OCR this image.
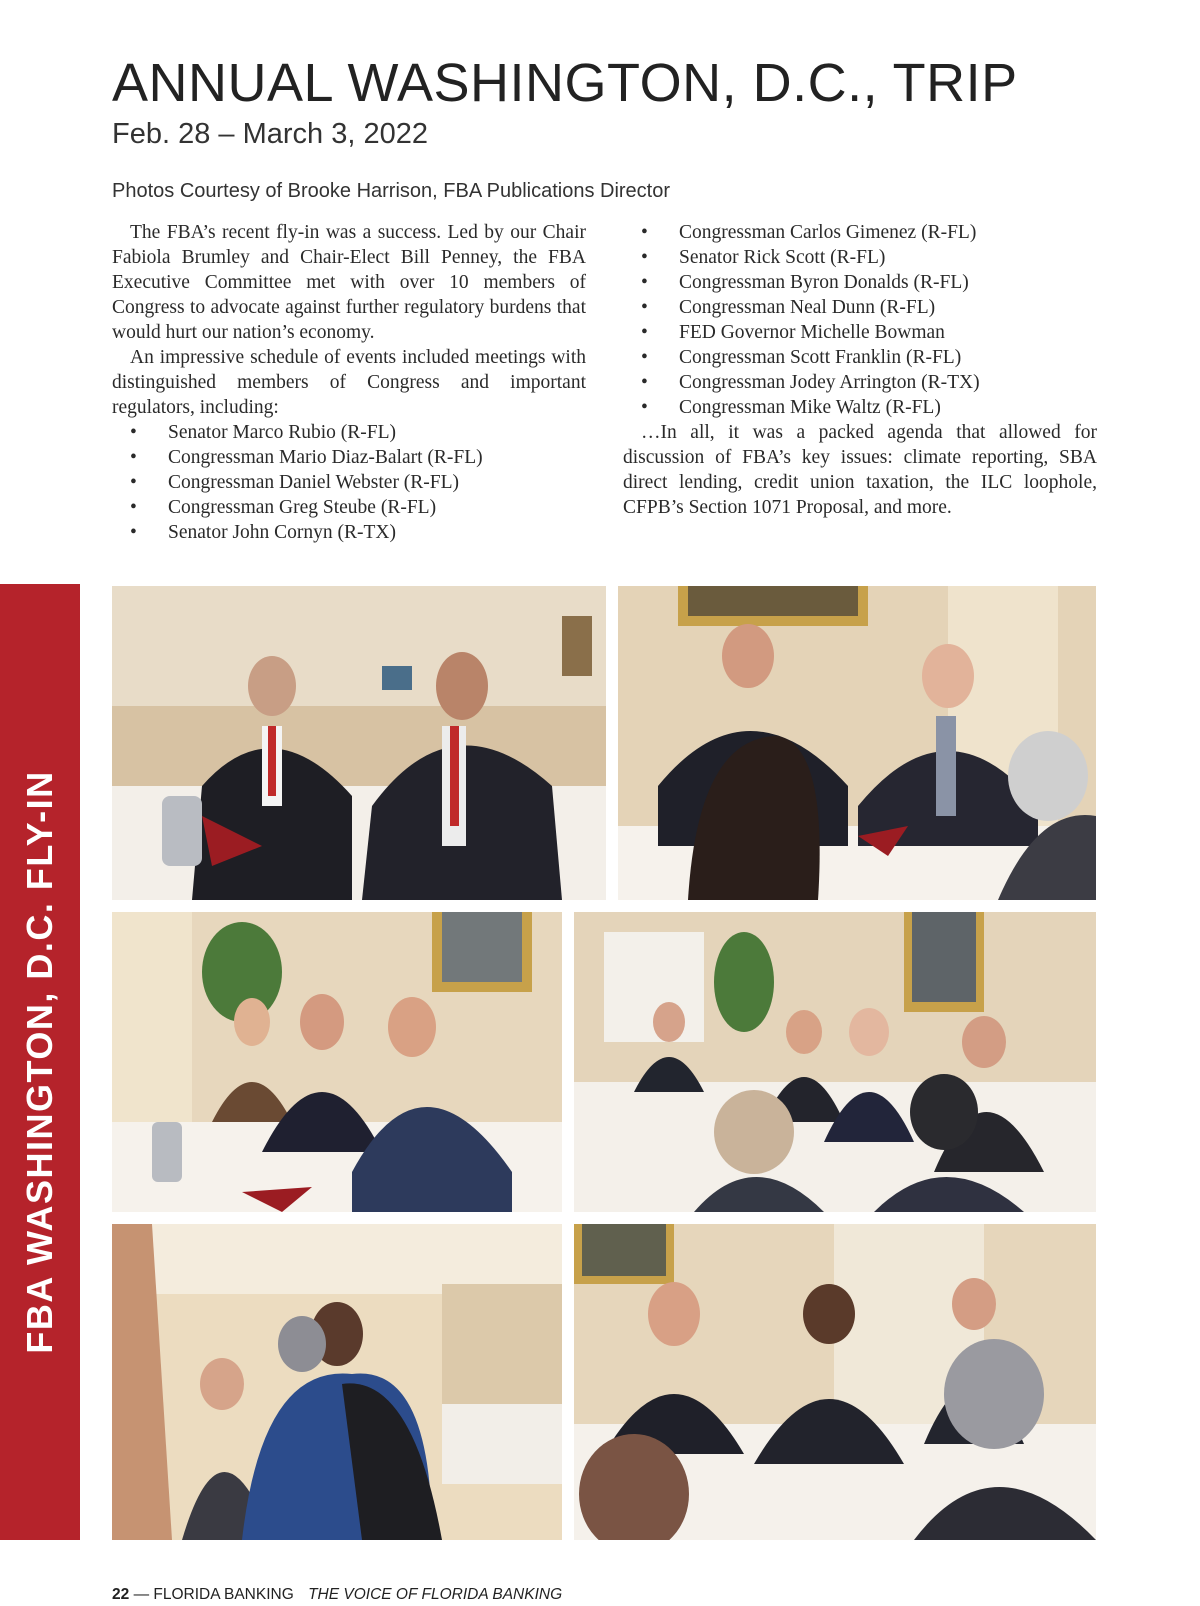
ANNUAL WASHINGTON, D.C., TRIP
Feb. 28 – March 3, 2022
Photos Courtesy of Brooke Harrison, FBA Publications Director

The FBA’s recent fly-in was a success. Led by our Chair Fabiola Brumley and Chair-Elect Bill Penney, the FBA Executive Committee met with over 10 members of Congress to advocate against further regulatory burdens that would hurt our nation’s economy.

An impressive schedule of events included meetings with distinguished members of Congress and important regulators, including:

• Senator Marco Rubio (R-FL)
• Congressman Mario Diaz-Balart (R-FL)
• Congressman Daniel Webster (R-FL)
• Congressman Greg Steube (R-FL)
• Senator John Cornyn (R-TX)
• Congressman Carlos Gimenez (R-FL)
• Senator Rick Scott (R-FL)
• Congressman Byron Donalds (R-FL)
• Congressman Neal Dunn (R-FL)
• FED Governor Michelle Bowman
• Congressman Scott Franklin (R-FL)
• Congressman Jodey Arrington (R-TX)
• Congressman Mike Waltz (R-FL)

…In all, it was a packed agenda that allowed for discussion of FBA’s key issues: climate reporting, SBA direct lending, credit union taxation, the ILC loophole, CFPB’s Section 1071 Proposal, and more.

FBA WASHINGTON, D.C. FLY-IN
22 — FLORIDA BANKING THE VOICE OF FLORIDA BANKING
